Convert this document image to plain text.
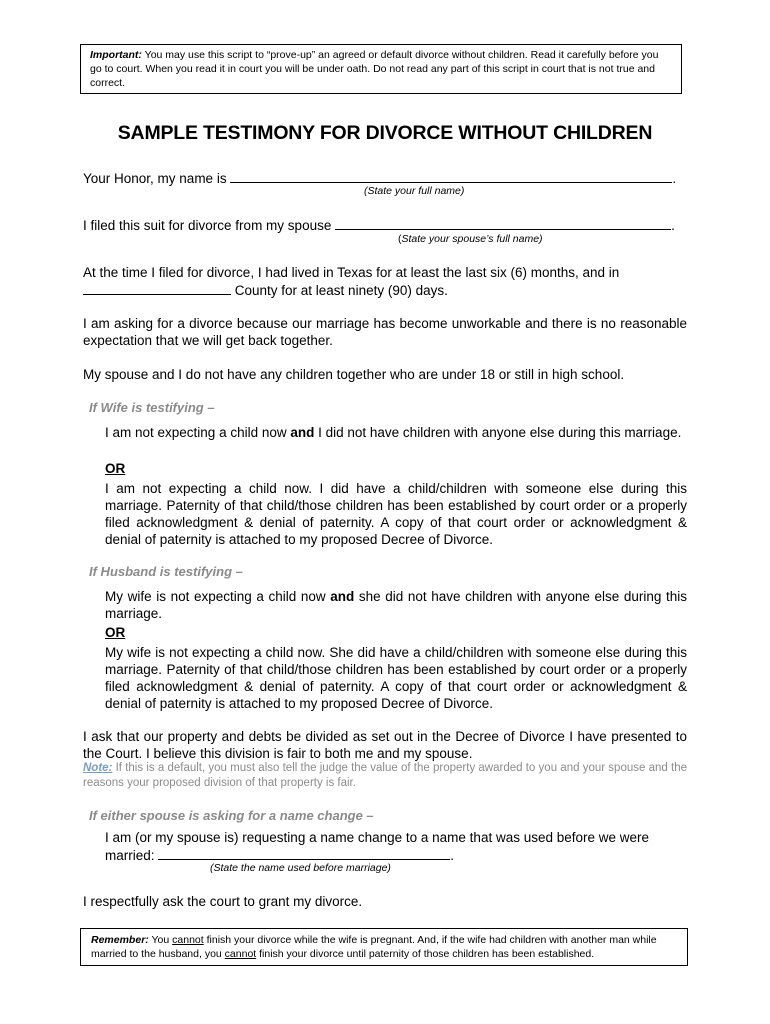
Important: You may use this script to “prove-up” an agreed or default divorce without children. Read it carefully before you go to court. When you read it in court you will be under oath. Do not read any part of this script in court that is not true and correct.
SAMPLE TESTIMONY FOR DIVORCE WITHOUT CHILDREN
Your Honor, my name is	.
(State your full name)
I filed this suit for divorce from my spouse	.
(State your spouse’s full name)
At the time I filed for divorce, I had lived in Texas for at least the last six (6) months, and in
County for at least ninety (90) days.
I am asking for a divorce because our marriage has become unworkable and there is no reasonable expectation that we will get back together.
My spouse and I do not have any children together who are under 18 or still in high school.
If Wife is testifying –
I am not expecting a child now and I did not have children with anyone else during this marriage.
OR
I am not expecting a child now. I did have a child/children with someone else during this marriage. Paternity of that child/those children has been established by court order or a properly filed acknowledgment & denial of paternity. A copy of that court order or acknowledgment & denial of paternity is attached to my proposed Decree of Divorce.
If Husband is testifying –
My wife is not expecting a child now and she did not have children with anyone else during this marriage.
OR
My wife is not expecting a child now. She did have a child/children with someone else during this marriage. Paternity of that child/those children has been established by court order or a properly filed acknowledgment & denial of paternity. A copy of that court order or acknowledgment & denial of paternity is attached to my proposed Decree of Divorce.
I ask that our property and debts be divided as set out in the Decree of Divorce I have presented to the Court. I believe this division is fair to both me and my spouse.
Note: If this is a default, you must also tell the judge the value of the property awarded to you and your spouse and the reasons your proposed division of that property is fair.
If either spouse is asking for a name change –
I am (or my spouse is) requesting a name change to a name that was used before we were
married:	.
(State the name used before marriage)
I respectfully ask the court to grant my divorce.
Remember: You cannot finish your divorce while the wife is pregnant. And, if the wife had children with another man while married to the husband, you cannot finish your divorce until paternity of those children has been established.
